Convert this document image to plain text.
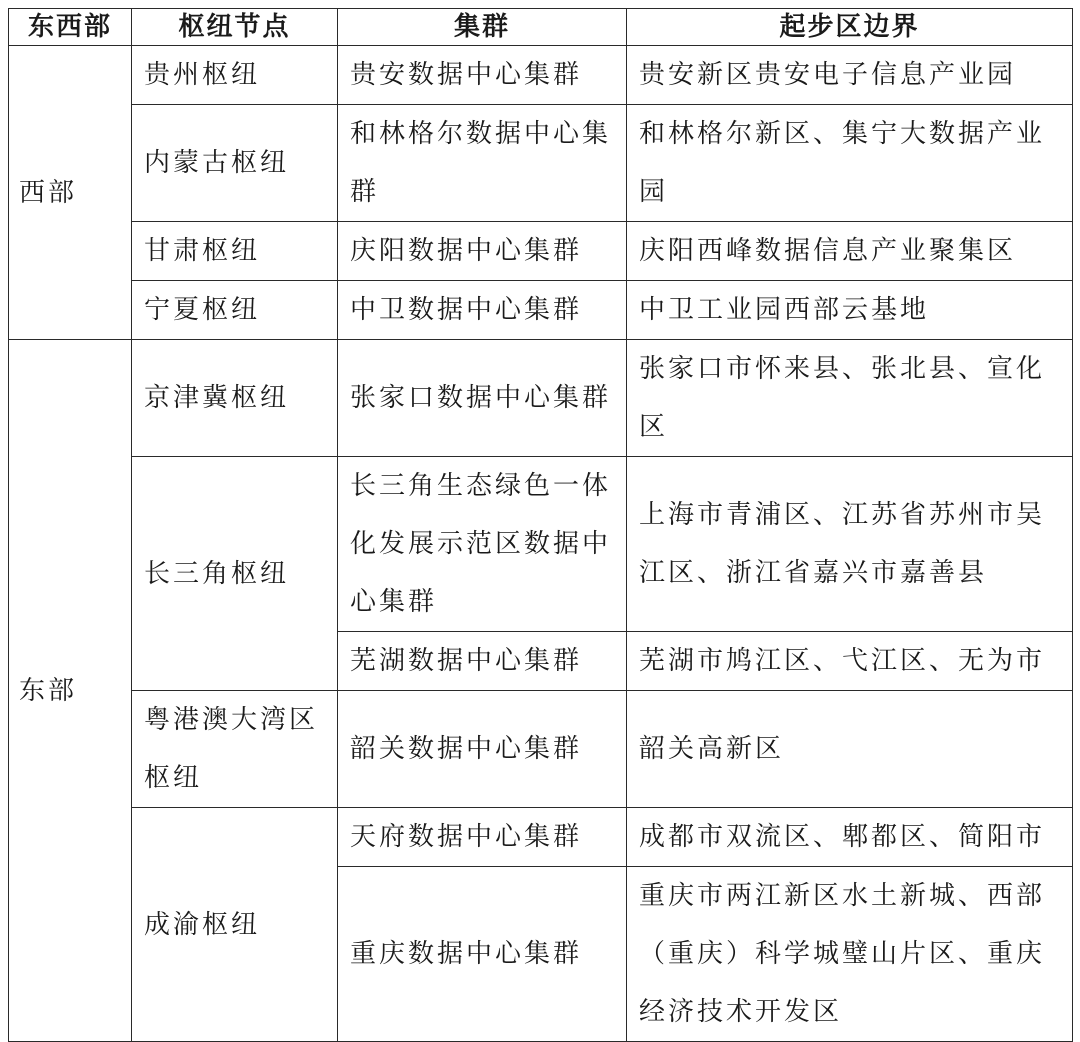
东西部	枢纽节点	集群	起步区边界
西部	贵州枢纽	贵安数据中心集群	贵安新区贵安电子信息产业园
	内蒙古枢纽	和林格尔数据中心集群	和林格尔新区、集宁大数据产业园
	甘肃枢纽	庆阳数据中心集群	庆阳西峰数据信息产业聚集区
	宁夏枢纽	中卫数据中心集群	中卫工业园西部云基地
东部	京津冀枢纽	张家口数据中心集群	张家口市怀来县、张北县、宣化区
	长三角枢纽	长三角生态绿色一体化发展示范区数据中心集群	上海市青浦区、江苏省苏州市吴江区、浙江省嘉兴市嘉善县
		芜湖数据中心集群	芜湖市鸠江区、弋江区、无为市
	粤港澳大湾区枢纽	韶关数据中心集群	韶关高新区
	成渝枢纽	天府数据中心集群	成都市双流区、郫都区、简阳市
		重庆数据中心集群	重庆市两江新区水土新城、西部（重庆）科学城璧山片区、重庆经济技术开发区
